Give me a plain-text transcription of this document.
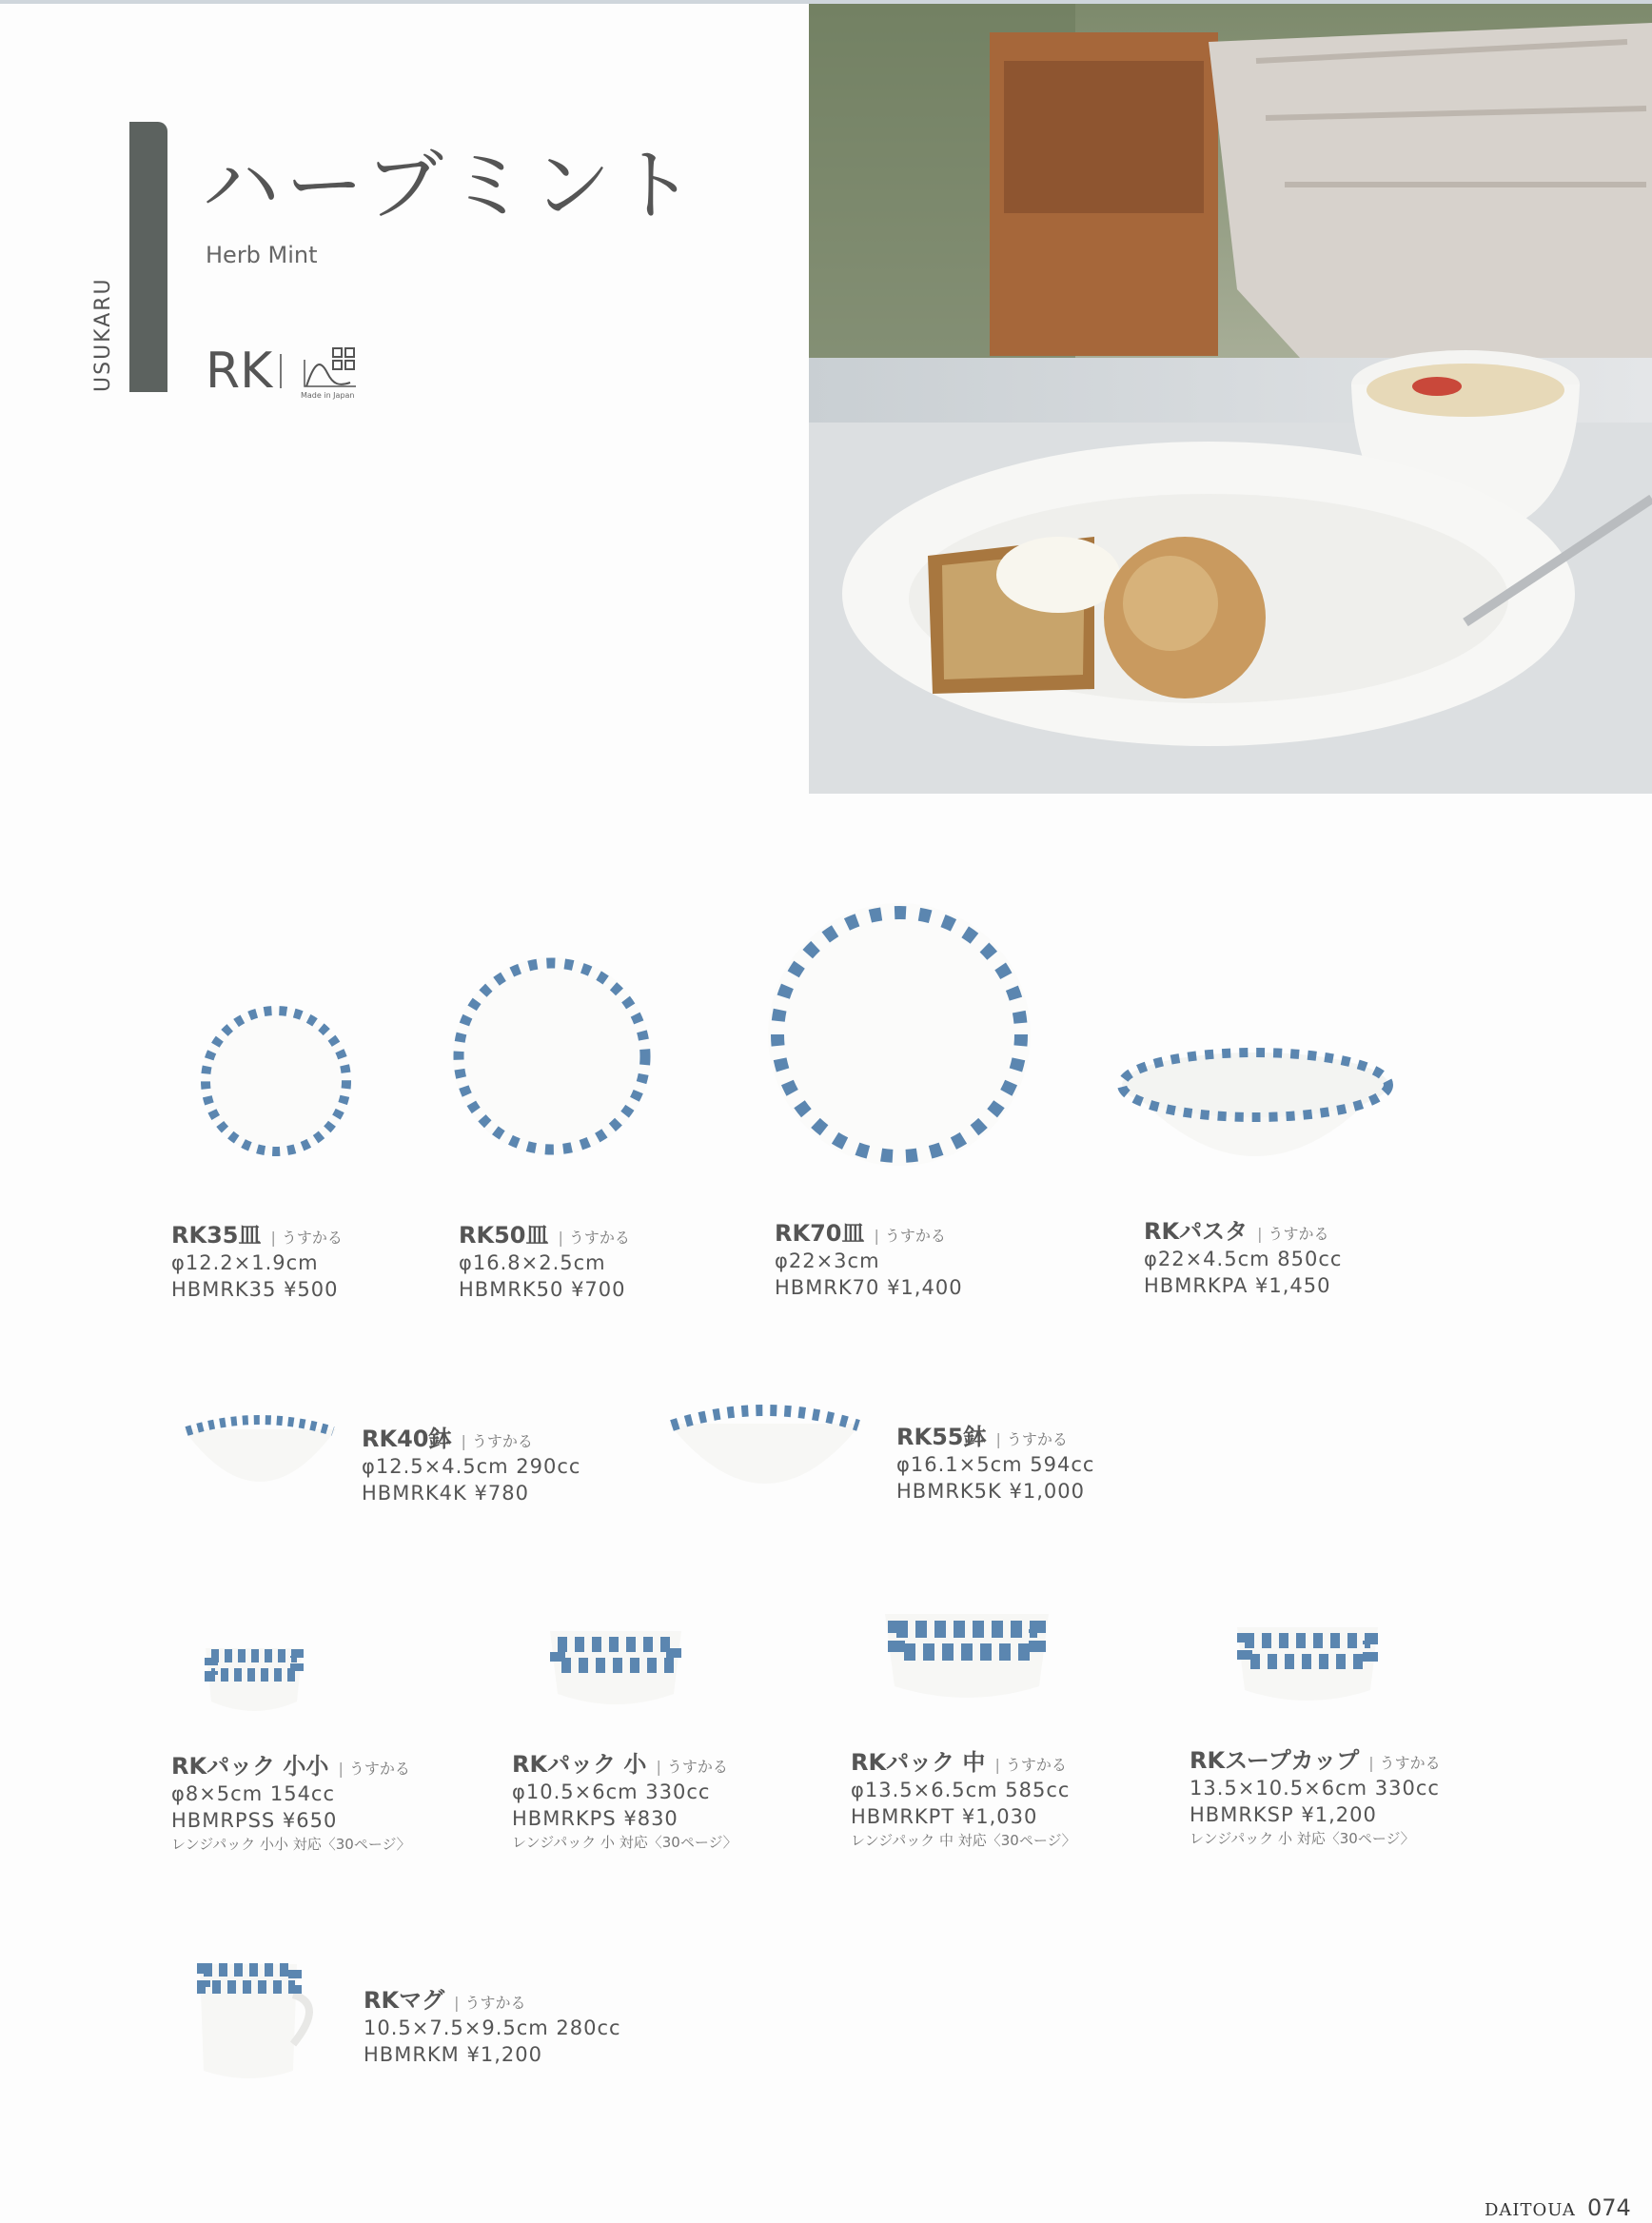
USUKARU
ハーブミント
Herb Mint
RK	Made in Japan
RK35皿 | うすかる
φ12.2×1.9cm
HBMRK35 ¥500
RK50皿 | うすかる
φ16.8×2.5cm
HBMRK50 ¥700
RK70皿 | うすかる
φ22×3cm
HBMRK70 ¥1,400
RKパスタ | うすかる
φ22×4.5cm 850cc
HBMRKPA ¥1,450
RK40鉢 | うすかる
φ12.5×4.5cm 290cc
HBMRK4K ¥780
RK55鉢 | うすかる
φ16.1×5cm 594cc
HBMRK5K ¥1,000
RKパック 小小 | うすかる
φ8×5cm 154cc
HBMRPSS ¥650
レンジパック 小小 対応〈30ページ〉
RKパック 小 | うすかる
φ10.5×6cm 330cc
HBMRKPS ¥830
レンジパック 小 対応〈30ページ〉
RKパック 中 | うすかる
φ13.5×6.5cm 585cc
HBMRKPT ¥1,030
レンジパック 中 対応〈30ページ〉
RKスープカップ | うすかる
13.5×10.5×6cm 330cc
HBMRKSP ¥1,200
レンジパック 小 対応〈30ページ〉
RKマグ | うすかる
10.5×7.5×9.5cm 280cc
HBMRKM ¥1,200
DAITOUA 074
